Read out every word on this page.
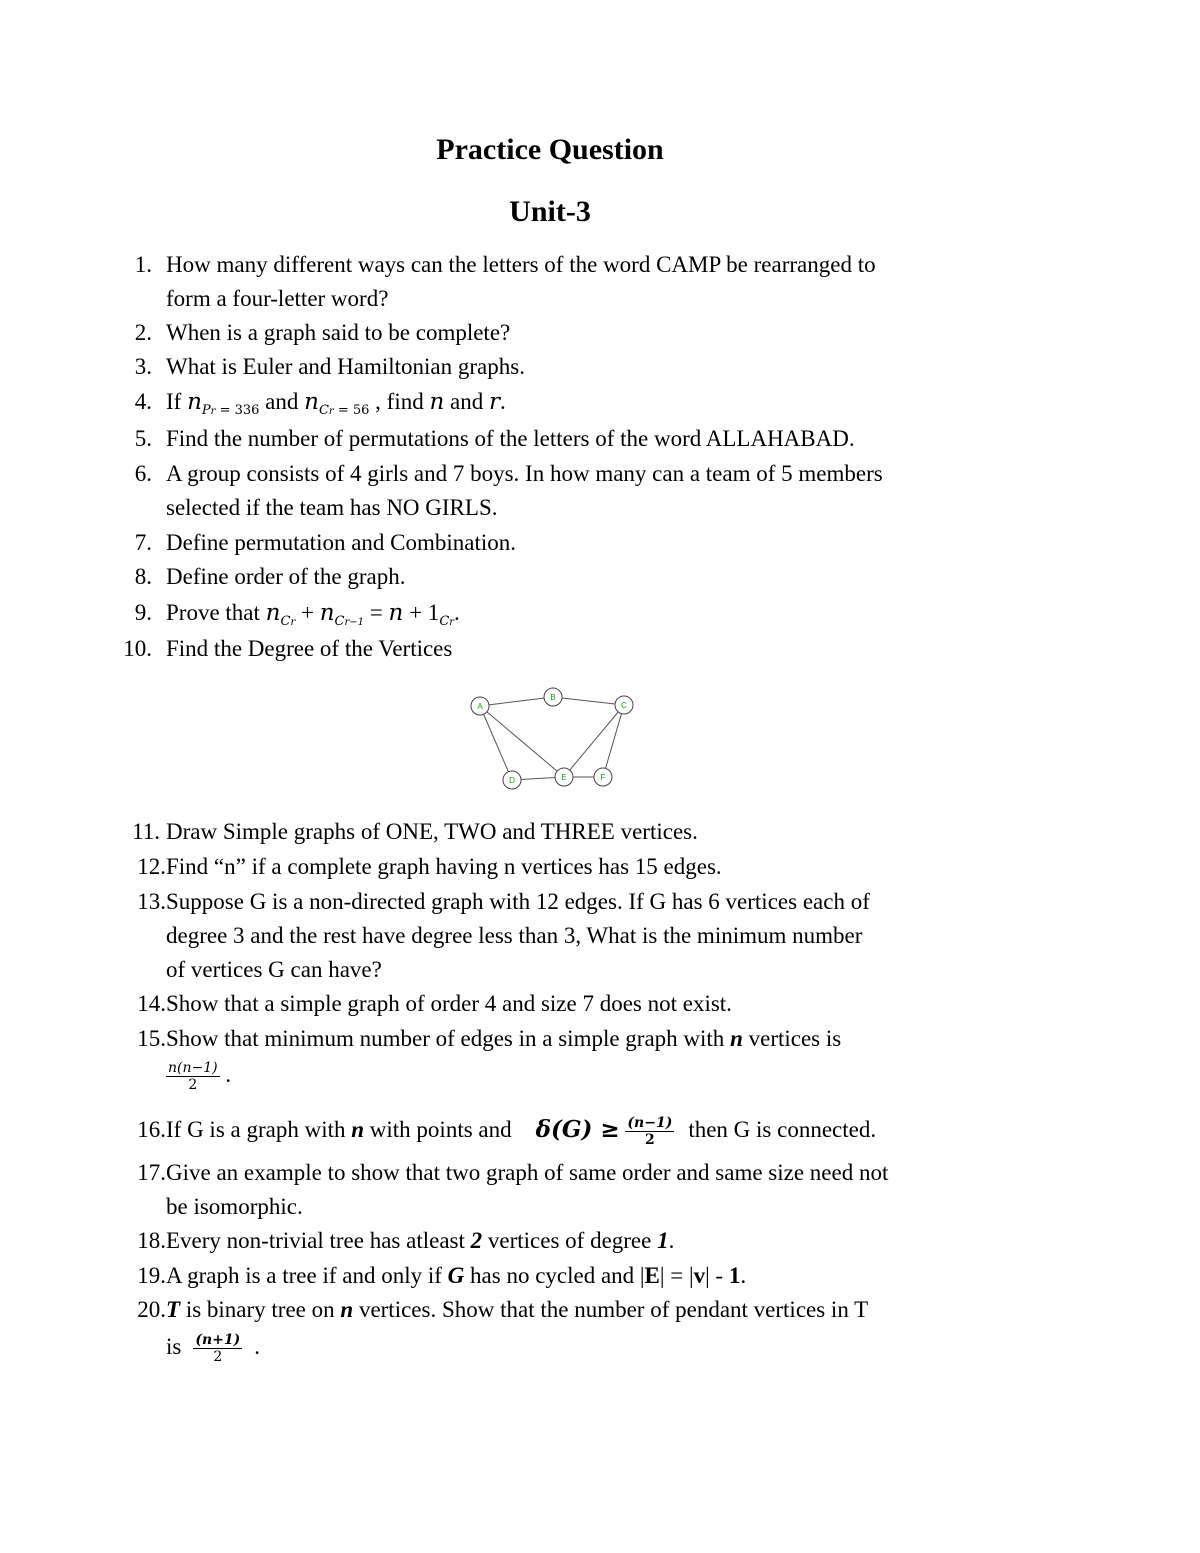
Practice Question
Unit-3
1. How many different ways can the letters of the word CAMP be rearranged to
form a four-letter word?
2. When is a graph said to be complete?
3. What is Euler and Hamiltonian graphs.
4. If $n_{Pr = 336}$ and $n_{Cr = 56}$ , find n and r.
5. Find the number of permutations of the letters of the word ALLAHABAD.
6. A group consists of 4 girls and 7 boys. In how many can a team of 5 members
selected if the team has NO GIRLS.
7. Define permutation and Combination.
8. Define order of the graph.
9. Prove that $n_{Cr} + n_{Cr-1} = n + 1_{Cr}$.
10. Find the Degree of the Vertices
A
B
C
D	E	F
11. Draw Simple graphs of ONE, TWO and THREE vertices.
12. Find “n” if a complete graph having n vertices has 15 edges.
13. Suppose G is a non-directed graph with 12 edges. If G has 6 vertices each of
degree 3 and the rest have degree less than 3, What is the minimum number
of vertices G can have?
14. Show that a simple graph of order 4 and size 7 does not exist.
15. Show that minimum number of edges in a simple graph with n vertices is
$\frac{n(n-1)}{2}$ .
16. If G is a graph with n with points and $\delta(G) \ge \frac{(n-1)}{2}$ then G is connected.
17. Give an example to show that two graph of same order and same size need not
be isomorphic.
18. Every non-trivial tree has atleast 2 vertices of degree 1.
19. A graph is a tree if and only if G has no cycled and |E| = |v| - 1.
20. T is binary tree on n vertices. Show that the number of pendant vertices in T
is $\frac{(n+1)}{2}$ .
